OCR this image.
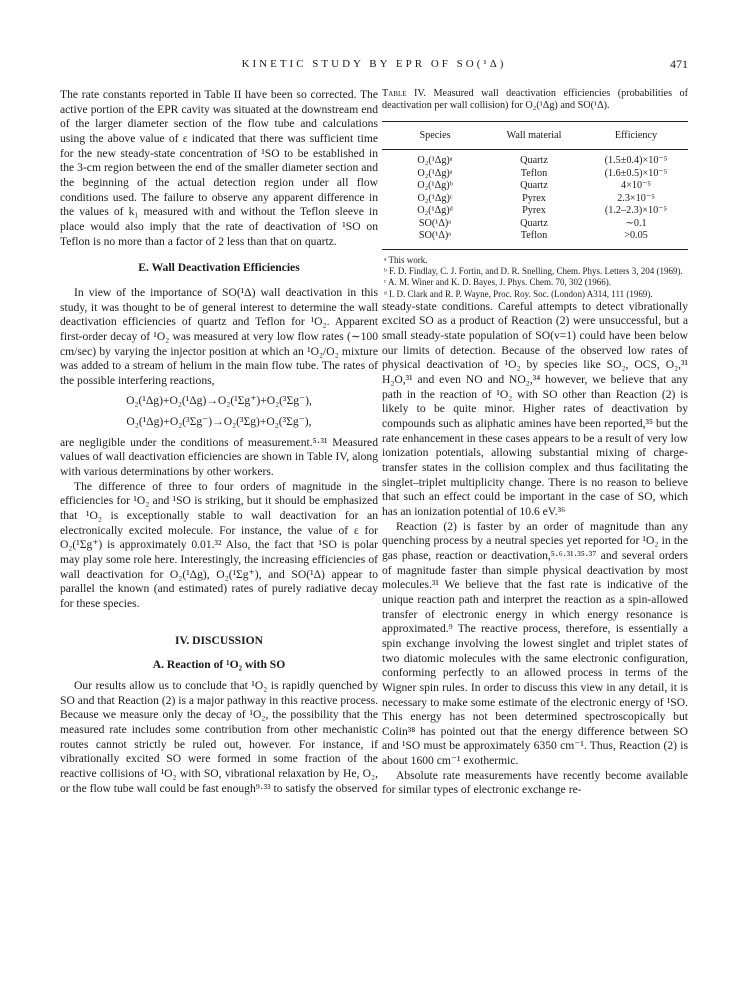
KINETIC STUDY BY EPR OF SO(¹Δ)	471

The rate constants reported in Table II have been so corrected. The active portion of the EPR cavity was situated at the downstream end of the larger diameter section of the flow tube and calculations using the above value of ε indicated that there was sufficient time for the new steady-state concentration of ¹SO to be established in the 3-cm region between the end of the smaller diameter section and the beginning of the actual detection region under all flow conditions used. The failure to observe any apparent difference in the values of k₁ measured with and without the Teflon sleeve in place would also imply that the rate of deactivation of ¹SO on Teflon is no more than a factor of 2 less than that on quartz.

E. Wall Deactivation Efficiencies

In view of the importance of SO(¹Δ) wall deactivation in this study, it was thought to be of general interest to determine the wall deactivation efficiencies of quartz and Teflon for ¹O₂. Apparent first-order decay of ¹O₂ was measured at very low flow rates (∼100 cm/sec) by varying the injector position at which an ¹O₂/O₂ mixture was added to a stream of helium in the main flow tube. The rates of the possible interfering reactions,

O₂(¹Δg)+O₂(¹Δg)→O₂(¹Σg⁺)+O₂(³Σg⁻),
O₂(¹Δg)+O₂(³Σg⁻)→O₂(³Σg)+O₂(³Σg⁻),

are negligible under the conditions of measurement.⁵·³¹ Measured values of wall deactivation efficiencies are shown in Table IV, along with various determinations by other workers.

The difference of three to four orders of magnitude in the efficiencies for ¹O₂ and ¹SO is striking, but it should be emphasized that ¹O₂ is exceptionally stable to wall deactivation for an electronically excited molecule. For instance, the value of ε for O₂(¹Σg⁺) is approximately 0.01.³² Also, the fact that ¹SO is polar may play some role here. Interestingly, the increasing efficiencies of wall deactivation for O₂(¹Δg), O₂(¹Σg⁺), and SO(¹Δ) appear to parallel the known (and estimated) rates of purely radiative decay for these species.

IV. DISCUSSION
A. Reaction of ¹O₂ with SO

Our results allow us to conclude that ¹O₂ is rapidly quenched by SO and that Reaction (2) is a major pathway in this reactive process. Because we measure only the decay of ¹O₂, the possibility that the measured rate includes some contribution from other mechanistic routes cannot strictly be ruled out, however. For instance, if vibrationally excited SO were formed in some fraction of the reactive collisions of ¹O₂ with SO, vibrational relaxation by He, O₂, or the flow tube wall could be fast enough⁹·³³ to satisfy the observed

Table IV. Measured wall deactivation efficiencies (probabilities of deactivation per wall collision) for O₂(¹Δg) and SO(¹Δ).

Species	Wall material	Efficiency
O₂(¹Δg)ᵃ	Quartz	(1.5±0.4)×10⁻⁵
O₂(¹Δg)ᵃ	Teflon	(1.6±0.5)×10⁻⁵
O₂(¹Δg)ᵇ	Quartz	4×10⁻⁵
O₂(¹Δg)ᶜ	Pyrex	2.3×10⁻⁵
O₂(¹Δg)ᵈ	Pyrex	(1.2–2.3)×10⁻⁵
SO(¹Δ)ᵃ	Quartz	∼0.1
SO(¹Δ)ᵃ	Teflon	>0.05

ᵃ This work.

ᵇ F. D. Findlay, C. J. Fortin, and D. R. Snelling, Chem. Phys. Letters 3, 204 (1969).

ᶜ A. M. Winer and K. D. Bayes, J. Phys. Chem. 70, 302 (1966).

ᵈ I. D. Clark and R. P. Wayne, Proc. Roy. Soc. (London) A314, 111 (1969).

steady-state conditions. Careful attempts to detect vibrationally excited SO as a product of Reaction (2) were unsuccessful, but a small steady-state population of SO(v=1) could have been below our limits of detection. Because of the observed low rates of physical deactivation of ¹O₂ by species like SO₂, OCS, O₂,³¹ H₂O,³¹ and even NO and NO₂,³⁴ however, we believe that any path in the reaction of ¹O₂ with SO other than Reaction (2) is likely to be quite minor. Higher rates of deactivation by compounds such as aliphatic amines have been reported,³⁵ but the rate enhancement in these cases appears to be a result of very low ionization potentials, allowing substantial mixing of charge-transfer states in the collision complex and thus facilitating the singlet–triplet multiplicity change. There is no reason to believe that such an effect could be important in the case of SO, which has an ionization potential of 10.6 eV.³⁶

Reaction (2) is faster by an order of magnitude than any quenching process by a neutral species yet reported for ¹O₂ in the gas phase, reaction or deactivation,⁵·⁶·³¹·³⁵·³⁷ and several orders of magnitude faster than simple physical deactivation by most molecules.³¹ We believe that the fast rate is indicative of the unique reaction path and interpret the reaction as a spin-allowed transfer of electronic energy in which energy resonance is approximated.⁹ The reactive process, therefore, is essentially a spin exchange involving the lowest singlet and triplet states of two diatomic molecules with the same electronic configuration, conforming perfectly to an allowed process in terms of the Wigner spin rules. In order to discuss this view in any detail, it is necessary to make some estimate of the electronic energy of ¹SO. This energy has not been determined spectroscopically but Colin³⁸ has pointed out that the energy difference between SO and ¹SO must be approximately 6350 cm⁻¹. Thus, Reaction (2) is about 1600 cm⁻¹ exothermic.

Absolute rate measurements have recently become available for similar types of electronic exchange re-
